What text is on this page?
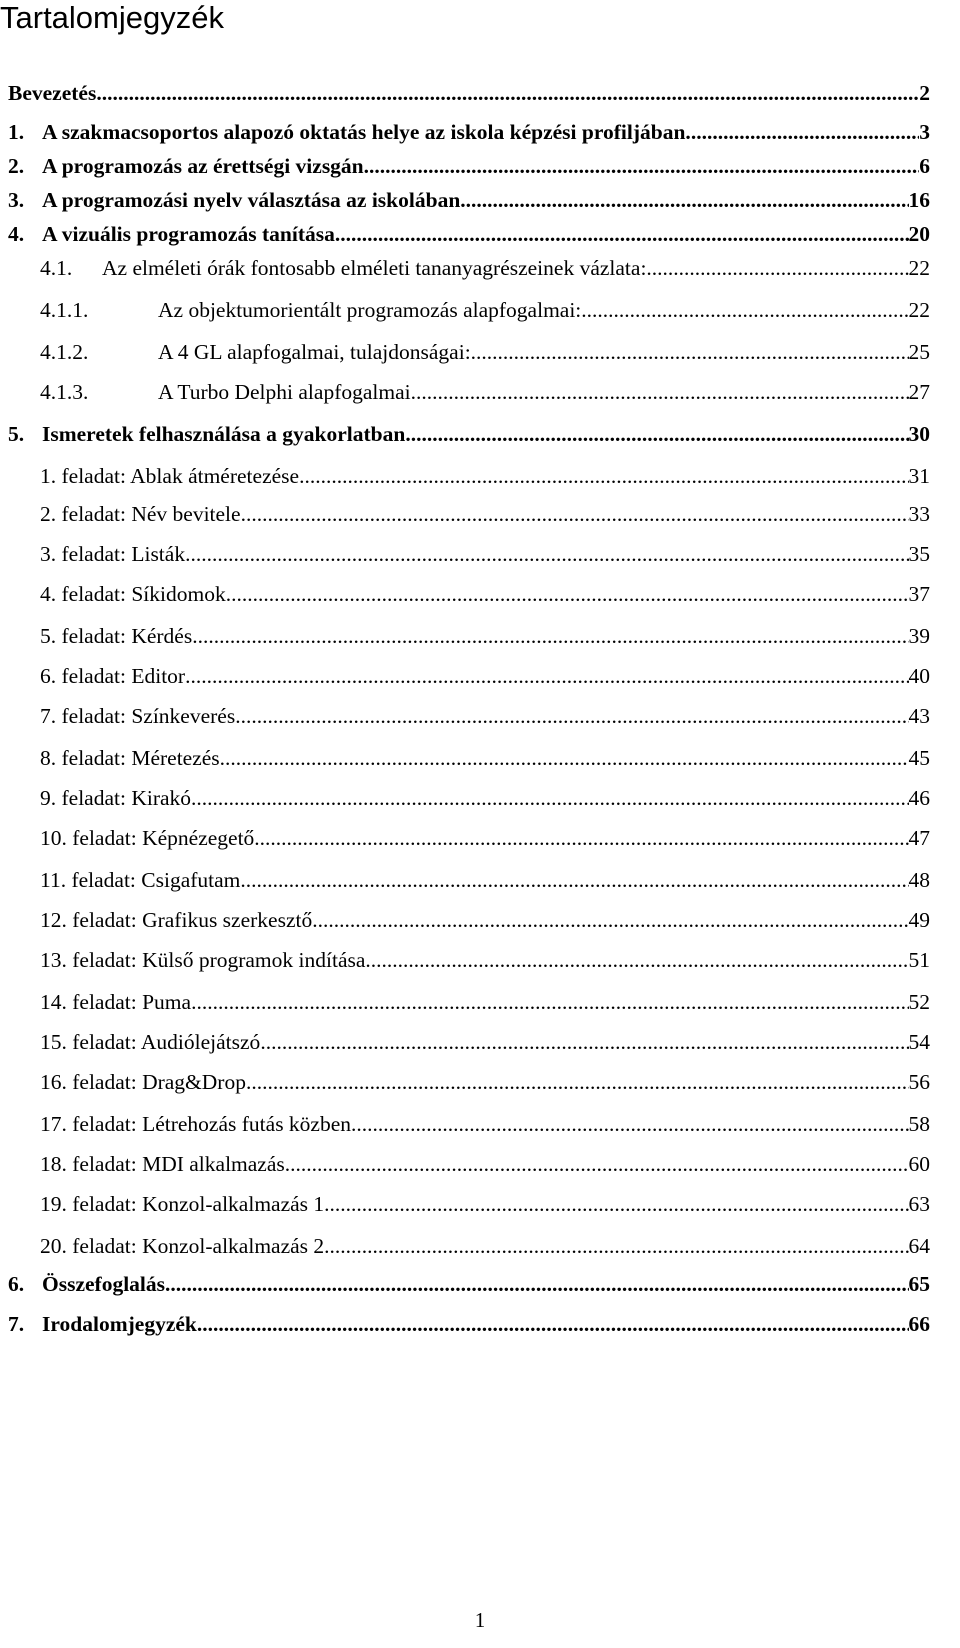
Tartalomjegyzék
Bevezetés .....	2
1. A szakmacsoportos alapozó oktatás helye az iskola képzési profiljában. .....	3
2. A programozás az érettségi vizsgán .....	6
3. A programozási nyelv választása az iskolában .....	16
4. A vizuális programozás tanítása .....	20
4.1.	Az elméleti órák fontosabb elméleti tananyagrészeinek vázlata: .....	22
4.1.1.	Az objektumorientált programozás alapfogalmai: .....	22
4.1.2.	A 4 GL alapfogalmai, tulajdonságai: .....	25
4.1.3.	A Turbo Delphi alapfogalmai .....	27
5. Ismeretek felhasználása a gyakorlatban .....	30
1. feladat: Ablak átméretezése .....	31
2. feladat: Név bevitele .....	33
3. feladat: Listák .....	35
4. feladat: Síkidomok .....	37
5. feladat: Kérdés .....	39
6. feladat: Editor .....	40
7. feladat: Színkeverés .....	43
8. feladat: Méretezés .....	45
9. feladat: Kirakó .....	46
10. feladat: Képnézegető .....	47
11. feladat: Csigafutam .....	48
12. feladat: Grafikus szerkesztő .....	49
13. feladat: Külső programok indítása .....	51
14. feladat: Puma .....	52
15. feladat: Audiólejátszó .....	54
16. feladat: Drag&Drop .....	56
17. feladat: Létrehozás futás közben .....	58
18. feladat: MDI alkalmazás .....	60
19. feladat: Konzol-alkalmazás 1. .....	63
20. feladat: Konzol-alkalmazás 2. .....	64
6. Összefoglalás .....	65
7. Irodalomjegyzék .....	66
1
